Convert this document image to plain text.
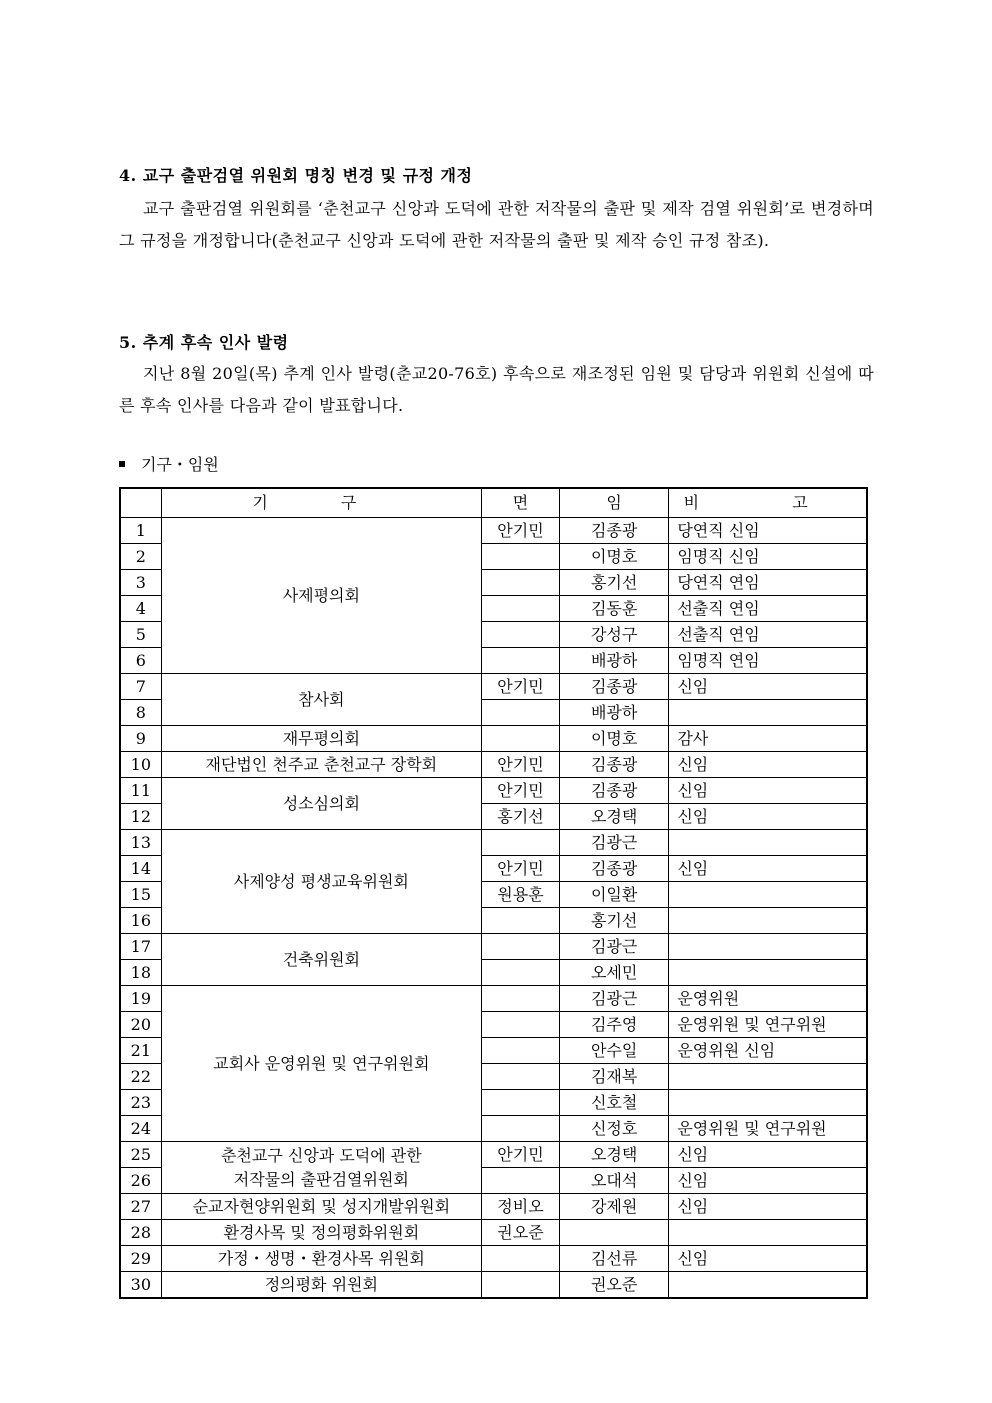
4. 교구 출판검열 위원회 명칭 변경 및 규정 개정
교구 출판검열 위원회를 ‘춘천교구 신앙과 도덕에 관한 저작물의 출판 및 제작 검열 위원회’로 변경하며 그 규정을 개정합니다(춘천교구 신앙과 도덕에 관한 저작물의 출판 및 제작 승인 규정 참조).
5. 추계 후속 인사 발령
지난 8월 20일(목) 추계 인사 발령(춘교20-76호) 후속으로 재조정된 임원 및 담당과 위원회 신설에 따른 후속 인사를 다음과 같이 발표합니다.
기구・임원
	기 구	면	임	비 고
1	사제평의회	안기민	김종광	당연직 신임
2			이명호	임명직 신임
3			홍기선	당연직 연임
4			김동훈	선출직 연임
5			강성구	선출직 연임
6			배광하	임명직 연임
7	참사회	안기민	김종광	신임
8			배광하	
9	재무평의회		이명호	감사
10	재단법인 천주교 춘천교구 장학회	안기민	김종광	신임
11	성소심의회	안기민	김종광	신임
12		홍기선	오경택	신임
13	사제양성 평생교육위원회		김광근	
14		안기민	김종광	신임
15		원용훈	이일환	
16			홍기선	
17	건축위원회		김광근	
18			오세민	
19	교회사 운영위원 및 연구위원회		김광근	운영위원
20			김주영	운영위원 및 연구위원
21			안수일	운영위원 신임
22			김재복	
23			신호철	
24			신정호	운영위원 및 연구위원
25	춘천교구 신앙과 도덕에 관한
저작물의 출판검열위원회	안기민	오경택	신임
26			오대석	신임
27	순교자현양위원회 및 성지개발위원회	정비오	강제원	신임
28	환경사목 및 정의평화위원회	권오준		
29	가정・생명・환경사목 위원회		김선류	신임
30	정의평화 위원회		권오준	
